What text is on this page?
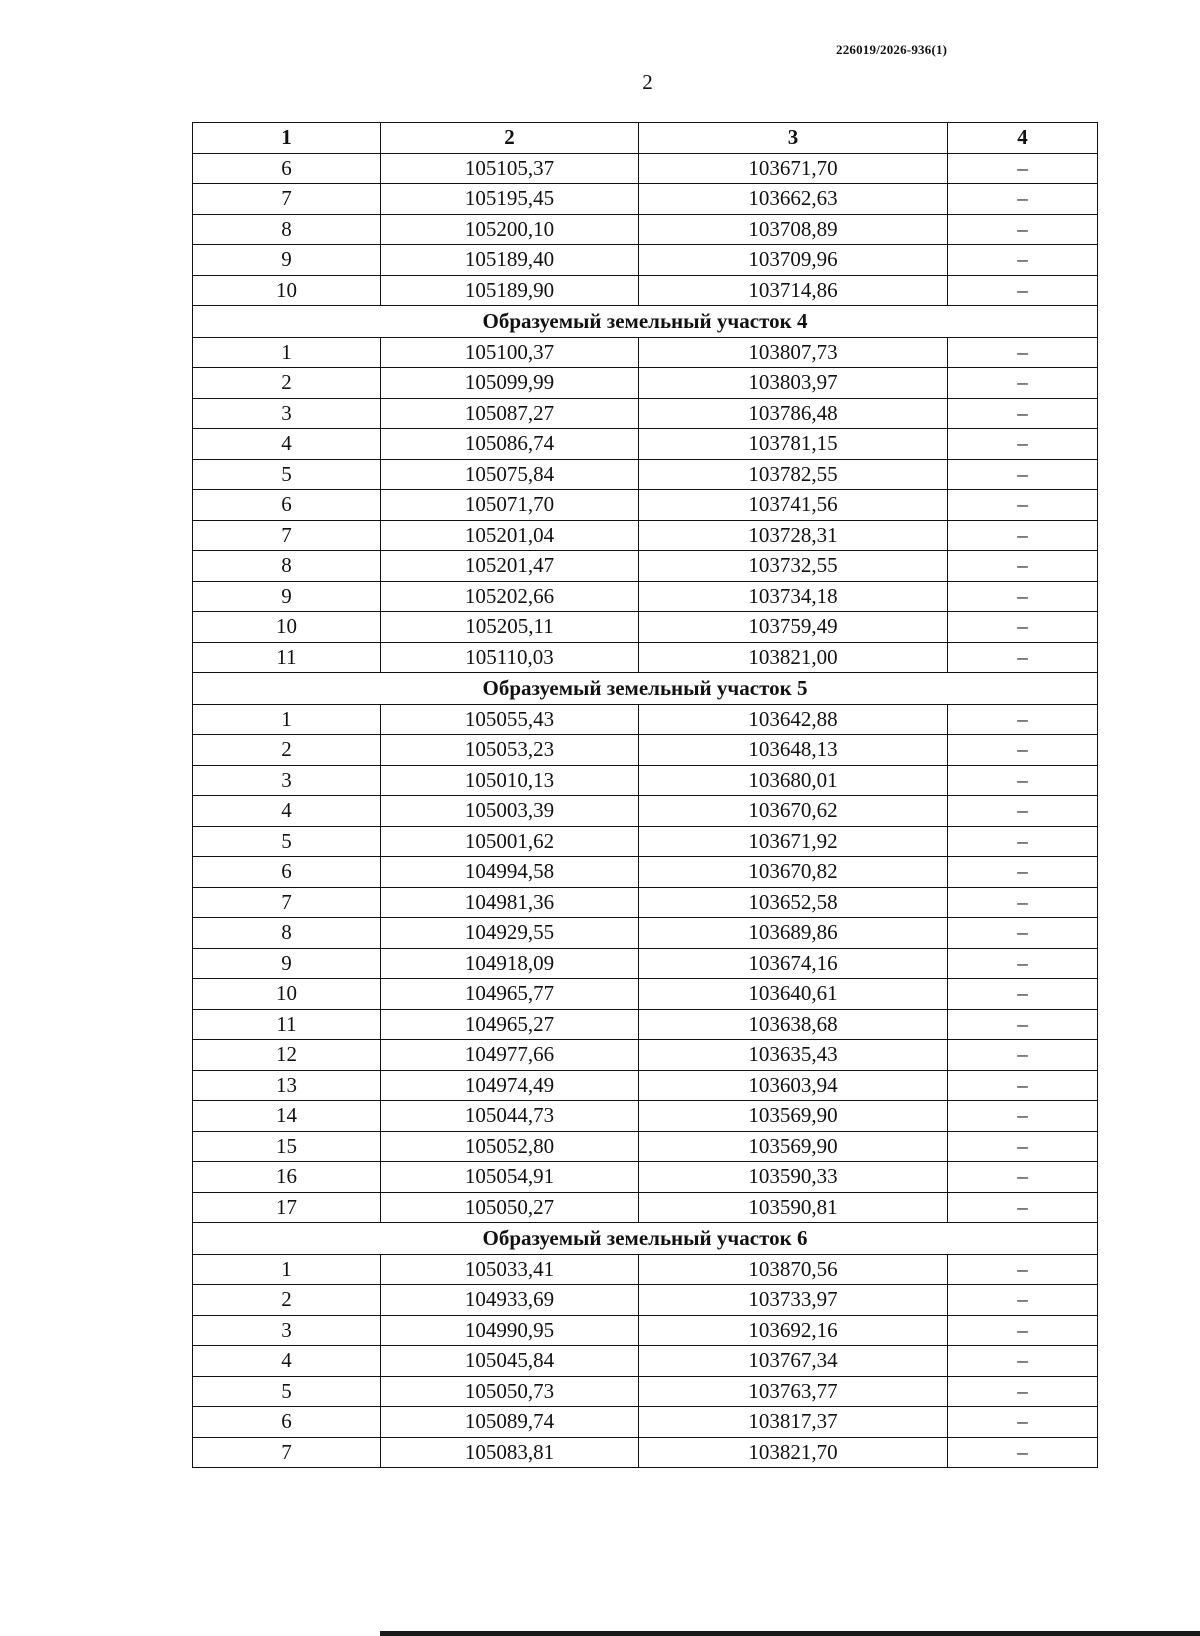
226019/2026-936(1)
2
1	2	3	4
6	105105,37	103671,70	–
7	105195,45	103662,63	–
8	105200,10	103708,89	–
9	105189,40	103709,96	–
10	105189,90	103714,86	–
Образуемый земельный участок 4			
1	105100,37	103807,73	–
2	105099,99	103803,97	–
3	105087,27	103786,48	–
4	105086,74	103781,15	–
5	105075,84	103782,55	–
6	105071,70	103741,56	–
7	105201,04	103728,31	–
8	105201,47	103732,55	–
9	105202,66	103734,18	–
10	105205,11	103759,49	–
11	105110,03	103821,00	–
Образуемый земельный участок 5			
1	105055,43	103642,88	–
2	105053,23	103648,13	–
3	105010,13	103680,01	–
4	105003,39	103670,62	–
5	105001,62	103671,92	–
6	104994,58	103670,82	–
7	104981,36	103652,58	–
8	104929,55	103689,86	–
9	104918,09	103674,16	–
10	104965,77	103640,61	–
11	104965,27	103638,68	–
12	104977,66	103635,43	–
13	104974,49	103603,94	–
14	105044,73	103569,90	–
15	105052,80	103569,90	–
16	105054,91	103590,33	–
17	105050,27	103590,81	–
Образуемый земельный участок 6			
1	105033,41	103870,56	–
2	104933,69	103733,97	–
3	104990,95	103692,16	–
4	105045,84	103767,34	–
5	105050,73	103763,77	–
6	105089,74	103817,37	–
7	105083,81	103821,70	–
